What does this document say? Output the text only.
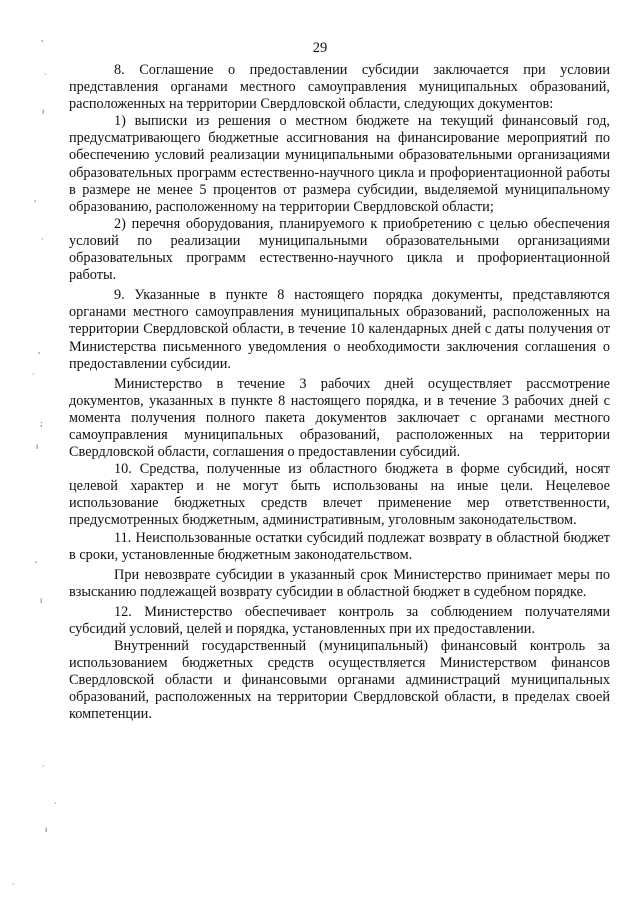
29

8. Соглашение о предоставлении субсидии заключается при условии представления органами местного самоуправления муниципальных образований, расположенных на территории Свердловской области, следующих документов:

1) выписки из решения о местном бюджете на текущий финансовый год, предусматривающего бюджетные ассигнования на финансирование мероприятий по обеспечению условий реализации муниципальными образовательными организациями образовательных программ естественно-научного цикла и профориентационной работы в размере не менее 5 процентов от размера субсидии, выделяемой муниципальному образованию, расположенному на территории Свердловской области;

2) перечня оборудования, планируемого к приобретению с целью обеспечения условий по реализации муниципальными образовательными организациями образовательных программ естественно-научного цикла и профориентационной работы.

9. Указанные в пункте 8 настоящего порядка документы, представляются органами местного самоуправления муниципальных образований, расположенных на территории Свердловской области, в течение 10 календарных дней с даты получения от Министерства письменного уведомления о необходимости заключения соглашения о предоставлении субсидии.

Министерство в течение 3 рабочих дней осуществляет рассмотрение документов, указанных в пункте 8 настоящего порядка, и в течение 3 рабочих дней с момента получения полного пакета документов заключает с органами местного самоуправления муниципальных образований, расположенных на территории Свердловской области, соглашения о предоставлении субсидий.

10. Средства, полученные из областного бюджета в форме субсидий, носят целевой характер и не могут быть использованы на иные цели. Нецелевое использование бюджетных средств влечет применение мер ответственности, предусмотренных бюджетным, административным, уголовным законодательством.

11. Неиспользованные остатки субсидий подлежат возврату в областной бюджет в сроки, установленные бюджетным законодательством.

При невозврате субсидии в указанный срок Министерство принимает меры по взысканию подлежащей возврату субсидии в областной бюджет в судебном порядке.

12. Министерство обеспечивает контроль за соблюдением получателями субсидий условий, целей и порядка, установленных при их предоставлении.

Внутренний государственный (муниципальный) финансовый контроль за использованием бюджетных средств осуществляется Министерством финансов Свердловской области и финансовыми органами администраций муниципальных образований, расположенных на территории Свердловской области, в пределах своей компетенции.

'
·
ı
'
·
'
·
;
ı
'
ı
·
·
ı
·
